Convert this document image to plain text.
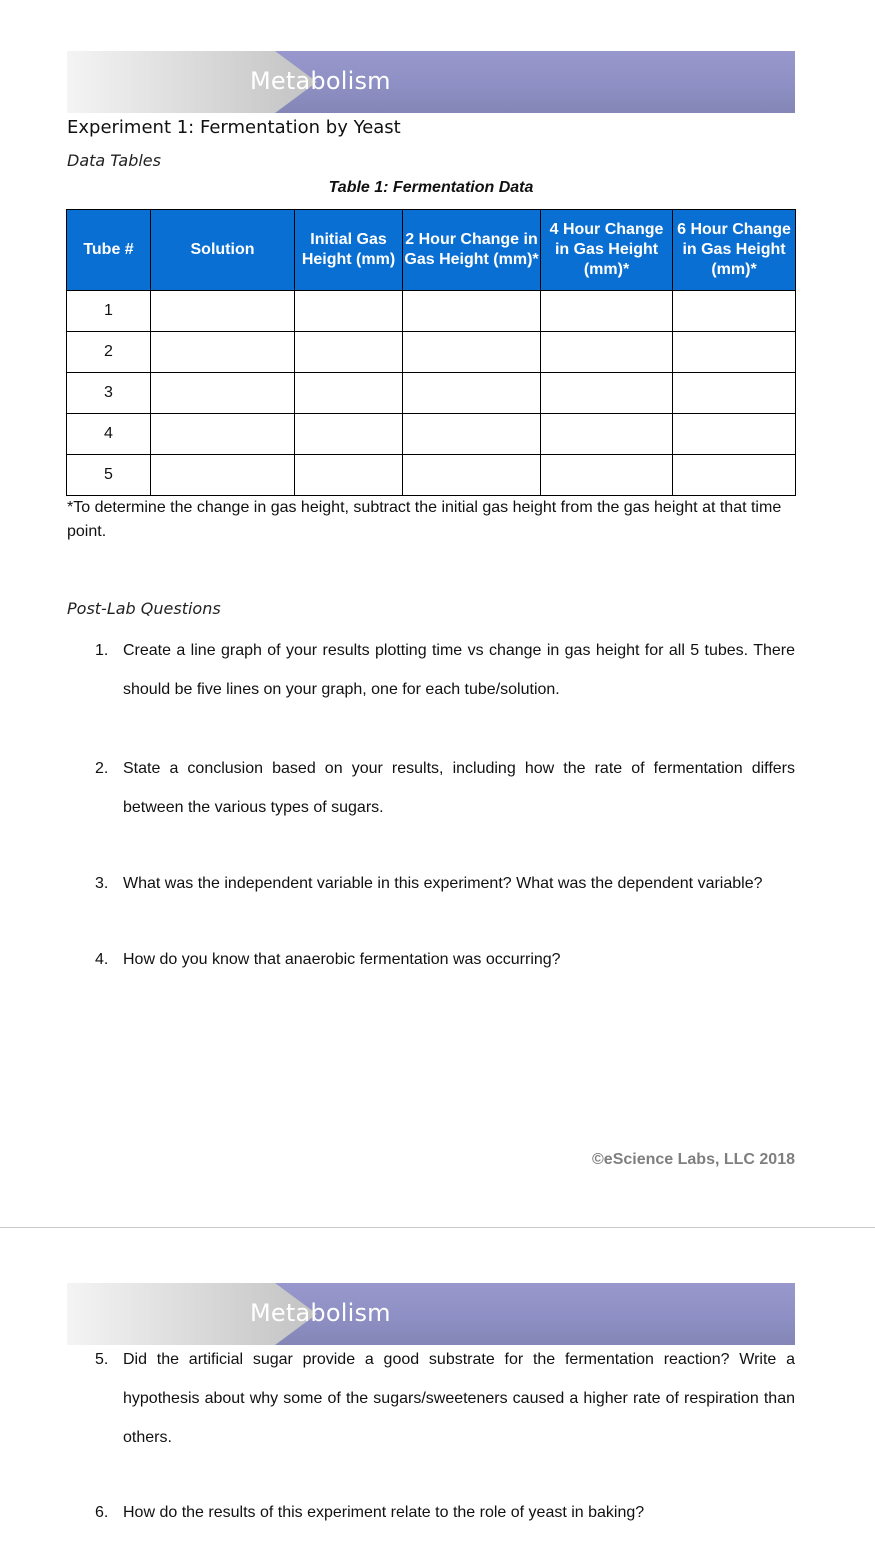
Metabolism
Experiment 1: Fermentation by Yeast
Data Tables
Table 1: Fermentation Data
Tube #	Solution	Initial Gas Height (mm)	2 Hour Change in Gas Height (mm)*	4 Hour Change in Gas Height (mm)*	6 Hour Change in Gas Height (mm)*
1					
2					
3					
4					
5					
*To determine the change in gas height, subtract the initial gas height from the gas height at that time point.
Post-Lab Questions
1. Create a line graph of your results plotting time vs change in gas height for all 5 tubes. There should be five lines on your graph, one for each tube/solution.
2. State a conclusion based on your results, including how the rate of fermentation differs between the various types of sugars.
3. What was the independent variable in this experiment? What was the dependent variable?
4. How do you know that anaerobic fermentation was occurring?
©eScience Labs, LLC 2018
Metabolism
5. Did the artificial sugar provide a good substrate for the fermentation reaction? Write a hypothesis about why some of the sugars/sweeteners caused a higher rate of respiration than others.
6. How do the results of this experiment relate to the role of yeast in baking?
